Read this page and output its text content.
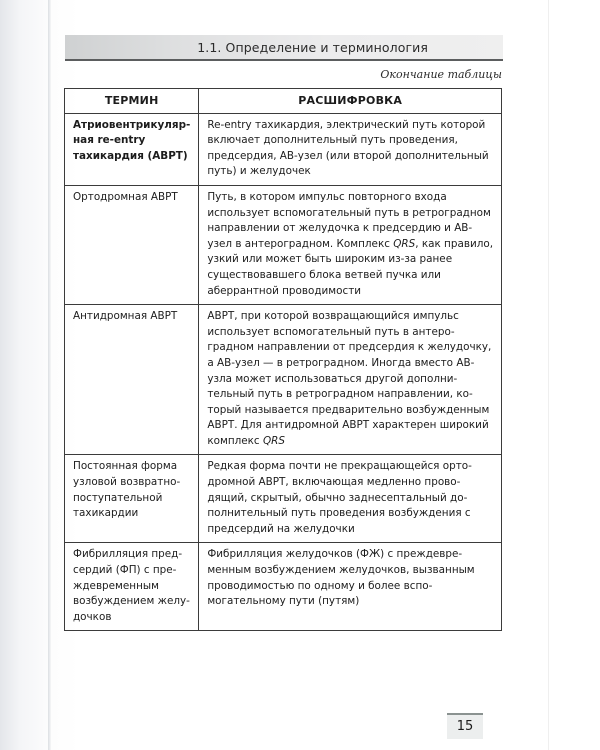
1.1. Определение и терминология
Окончание таблицы
ТЕРМИН	РАСШИФРОВКА
Атриовентрикулярная re-entry тахикардия (АВРТ)	Re-entry тахикардия, электрический путь которой включает дополнительный путь проведения, предсердия, АВ-узел (или второй дополнительный путь) и желудочек
Ортодромная АВРТ	Путь, в котором импульс повторного входа использует вспомогательный путь в ретроградном направлении от желудочка к предсердию и АВ-узел в антероградном. Комплекс QRS, как правило, узкий или может быть широким из-за ранее существовавшего блока ветвей пучка или аберрантной проводимости
Антидромная АВРТ	АВРТ, при которой возвращающийся импульс использует вспомогательный путь в антероградном направлении от предсердия к желудочку, а АВ-узел — в ретроградном. Иногда вместо АВ-узла может использоваться другой дополнительный путь в ретроградном направлении, который называется предварительно возбужденным АВРТ. Для антидромной АВРТ характерен широкий комплекс QRS
Постоянная форма узловой возвратно-поступательной тахикардии	Редкая форма почти не прекращающейся ортодромной АВРТ, включающая медленно проводящий, скрытый, обычно заднесептальный дополнительный путь проведения возбуждения с предсердий на желудочки
Фибрилляция предсердий (ФП) с преждевременным возбуждением желудочков	Фибрилляция желудочков (ФЖ) с преждевременным возбуждением желудочков, вызванным проводимостью по одному и более вспомогательному пути (путям)
15
